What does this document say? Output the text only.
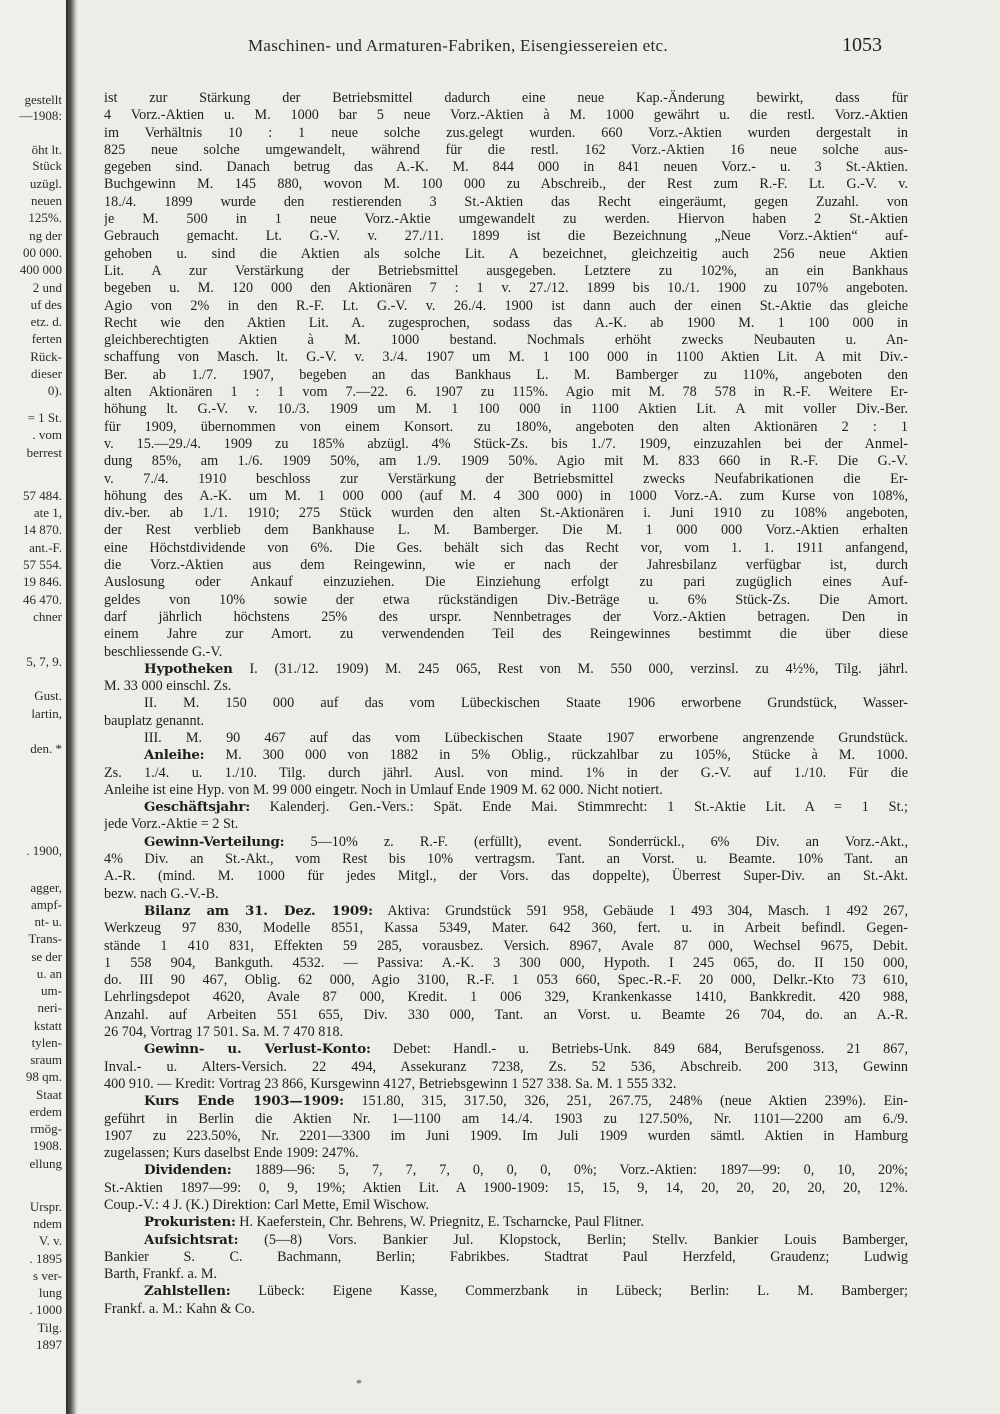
gestellt
—1908:
öht lt.
Stück
uzügl.
neuen
125%.
ng der
00 000.
400 000
2 und
uf des
etz. d.
ferten
Rück-
dieser
0).
= 1 St.
. vom
berrest
57 484.
ate 1,
14 870.
ant.-F.
57 554.
19 846.
46 470.
chner
5, 7, 9.
Gust.
lartin,
den. *
. 1900,
agger,
ampf-
nt- u.
Trans-
se der
u. an
um-
neri-
kstatt
tylen-
sraum
98 qm.
Staat
erdem
rmög-
1908.
ellung
Urspr.
ndem
V. v.
. 1895
s ver-
lung
. 1000
Tilg.
1897
Maschinen- und Armaturen-Fabriken, Eisengiessereien etc.	1053
ist zur Stärkung der Betriebsmittel dadurch eine neue Kap.-Änderung bewirkt, dass für
4 Vorz.-Aktien u. M. 1000 bar 5 neue Vorz.-Aktien à M. 1000 gewährt u. die restl. Vorz.-Aktien
im Verhältnis 10 : 1 neue solche zus.gelegt wurden. 660 Vorz.-Aktien wurden dergestalt in
825 neue solche umgewandelt, während für die restl. 162 Vorz.-Aktien 16 neue solche aus-
gegeben sind. Danach betrug das A.-K. M. 844 000 in 841 neuen Vorz.- u. 3 St.-Aktien.
Buchgewinn M. 145 880, wovon M. 100 000 zu Abschreib., der Rest zum R.-F. Lt. G.-V. v.
18./4. 1899 wurde den restierenden 3 St.-Aktien das Recht eingeräumt, gegen Zuzahl. von
je M. 500 in 1 neue Vorz.-Aktie umgewandelt zu werden. Hiervon haben 2 St.-Aktien
Gebrauch gemacht. Lt. G.-V. v. 27./11. 1899 ist die Bezeichnung „Neue Vorz.-Aktien“ auf-
gehoben u. sind die Aktien als solche Lit. A bezeichnet, gleichzeitig auch 256 neue Aktien
Lit. A zur Verstärkung der Betriebsmittel ausgegeben. Letztere zu 102%, an ein Bankhaus
begeben u. M. 120 000 den Aktionären 7 : 1 v. 27./12. 1899 bis 10./1. 1900 zu 107% angeboten.
Agio von 2% in den R.-F. Lt. G.-V. v. 26./4. 1900 ist dann auch der einen St.-Aktie das gleiche
Recht wie den Aktien Lit. A. zugesprochen, sodass das A.-K. ab 1900 M. 1 100 000 in
gleichberechtigten Aktien à M. 1000 bestand. Nochmals erhöht zwecks Neubauten u. An-
schaffung von Masch. lt. G.-V. v. 3./4. 1907 um M. 1 100 000 in 1100 Aktien Lit. A mit Div.-
Ber. ab 1./7. 1907, begeben an das Bankhaus L. M. Bamberger zu 110%, angeboten den
alten Aktionären 1 : 1 vom 7.—22. 6. 1907 zu 115%. Agio mit M. 78 578 in R.-F. Weitere Er-
höhung lt. G.-V. v. 10./3. 1909 um M. 1 100 000 in 1100 Aktien Lit. A mit voller Div.-Ber.
für 1909, übernommen von einem Konsort. zu 180%, angeboten den alten Aktionären 2 : 1
v. 15.—29./4. 1909 zu 185% abzügl. 4% Stück-Zs. bis 1./7. 1909, einzuzahlen bei der Anmel-
dung 85%, am 1./6. 1909 50%, am 1./9. 1909 50%. Agio mit M. 833 660 in R.-F. Die G.-V.
v. 7./4. 1910 beschloss zur Verstärkung der Betriebsmittel zwecks Neufabrikationen die Er-
höhung des A.-K. um M. 1 000 000 (auf M. 4 300 000) in 1000 Vorz.-A. zum Kurse von 108%,
div.-ber. ab 1./1. 1910; 275 Stück wurden den alten St.-Aktionären i. Juni 1910 zu 108% angeboten,
der Rest verblieb dem Bankhause L. M. Bamberger. Die M. 1 000 000 Vorz.-Aktien erhalten
eine Höchstdividende von 6%. Die Ges. behält sich das Recht vor, vom 1. 1. 1911 anfangend,
die Vorz.-Aktien aus dem Reingewinn, wie er nach der Jahresbilanz verfügbar ist, durch
Auslosung oder Ankauf einzuziehen. Die Einziehung erfolgt zu pari zugüglich eines Auf-
geldes von 10% sowie der etwa rückständigen Div.-Beträge u. 6% Stück-Zs. Die Amort.
darf jährlich höchstens 25% des urspr. Nennbetrages der Vorz.-Aktien betragen. Den in
einem Jahre zur Amort. zu verwendenden Teil des Reingewinnes bestimmt die über diese
beschliessende G.-V.
Hypotheken I. (31./12. 1909) M. 245 065, Rest von M. 550 000, verzinsl. zu 4½%, Tilg. jährl.
M. 33 000 einschl. Zs.
II. M. 150 000 auf das vom Lübeckischen Staate 1906 erworbene Grundstück, Wasser-
bauplatz genannt.
III. M. 90 467 auf das vom Lübeckischen Staate 1907 erworbene angrenzende Grundstück.
Anleihe: M. 300 000 von 1882 in 5% Oblig., rückzahlbar zu 105%, Stücke à M. 1000.
Zs. 1./4. u. 1./10. Tilg. durch jährl. Ausl. von mind. 1% in der G.-V. auf 1./10. Für die
Anleihe ist eine Hyp. von M. 99 000 eingetr. Noch in Umlauf Ende 1909 M. 62 000. Nicht notiert.
Geschäftsjahr: Kalenderj. Gen.-Vers.: Spät. Ende Mai. Stimmrecht: 1 St.-Aktie Lit. A = 1 St.;
jede Vorz.-Aktie = 2 St.
Gewinn-Verteilung: 5—10% z. R.-F. (erfüllt), event. Sonderrückl., 6% Div. an Vorz.-Akt.,
4% Div. an St.-Akt., vom Rest bis 10% vertragsm. Tant. an Vorst. u. Beamte. 10% Tant. an
A.-R. (mind. M. 1000 für jedes Mitgl., der Vors. das doppelte), Überrest Super-Div. an St.-Akt.
bezw. nach G.-V.-B.
Bilanz am 31. Dez. 1909: Aktiva: Grundstück 591 958, Gebäude 1 493 304, Masch. 1 492 267,
Werkzeug 97 830, Modelle 8551, Kassa 5349, Mater. 642 360, fert. u. in Arbeit befindl. Gegen-
stände 1 410 831, Effekten 59 285, vorausbez. Versich. 8967, Avale 87 000, Wechsel 9675, Debit.
1 558 904, Bankguth. 4532. — Passiva: A.-K. 3 300 000, Hypoth. I 245 065, do. II 150 000,
do. III 90 467, Oblig. 62 000, Agio 3100, R.-F. 1 053 660, Spec.-R.-F. 20 000, Delkr.-Kto 73 610,
Lehrlingsdepot 4620, Avale 87 000, Kredit. 1 006 329, Krankenkasse 1410, Bankkredit. 420 988,
Anzahl. auf Arbeiten 551 655, Div. 330 000, Tant. an Vorst. u. Beamte 26 704, do. an A.-R.
26 704, Vortrag 17 501. Sa. M. 7 470 818.
Gewinn- u. Verlust-Konto: Debet: Handl.- u. Betriebs-Unk. 849 684, Berufsgenoss. 21 867,
Inval.- u. Alters-Versich. 22 494, Assekuranz 7238, Zs. 52 536, Abschreib. 200 313, Gewinn
400 910. — Kredit: Vortrag 23 866, Kursgewinn 4127, Betriebsgewinn 1 527 338. Sa. M. 1 555 332.
Kurs Ende 1903—1909: 151.80, 315, 317.50, 326, 251, 267.75, 248% (neue Aktien 239%). Ein-
geführt in Berlin die Aktien Nr. 1—1100 am 14./4. 1903 zu 127.50%, Nr. 1101—2200 am 6./9.
1907 zu 223.50%, Nr. 2201—3300 im Juni 1909. Im Juli 1909 wurden sämtl. Aktien in Hamburg
zugelassen; Kurs daselbst Ende 1909: 247%.
Dividenden: 1889—96: 5, 7, 7, 7, 0, 0, 0, 0%; Vorz.-Aktien: 1897—99: 0, 10, 20%;
St.-Aktien 1897—99: 0, 9, 19%; Aktien Lit. A 1900-1909: 15, 15, 9, 14, 20, 20, 20, 20, 20, 12%.
Coup.-V.: 4 J. (K.) Direktion: Carl Mette, Emil Wischow.
Prokuristen: H. Kaeferstein, Chr. Behrens, W. Priegnitz, E. Tscharncke, Paul Flitner.
Aufsichtsrat: (5—8) Vors. Bankier Jul. Klopstock, Berlin; Stellv. Bankier Louis Bamberger,
Bankier S. C. Bachmann, Berlin; Fabrikbes. Stadtrat Paul Herzfeld, Graudenz; Ludwig
Barth, Frankf. a. M.
Zahlstellen: Lübeck: Eigene Kasse, Commerzbank in Lübeck; Berlin: L. M. Bamberger;
Frankf. a. M.: Kahn & Co.
*
